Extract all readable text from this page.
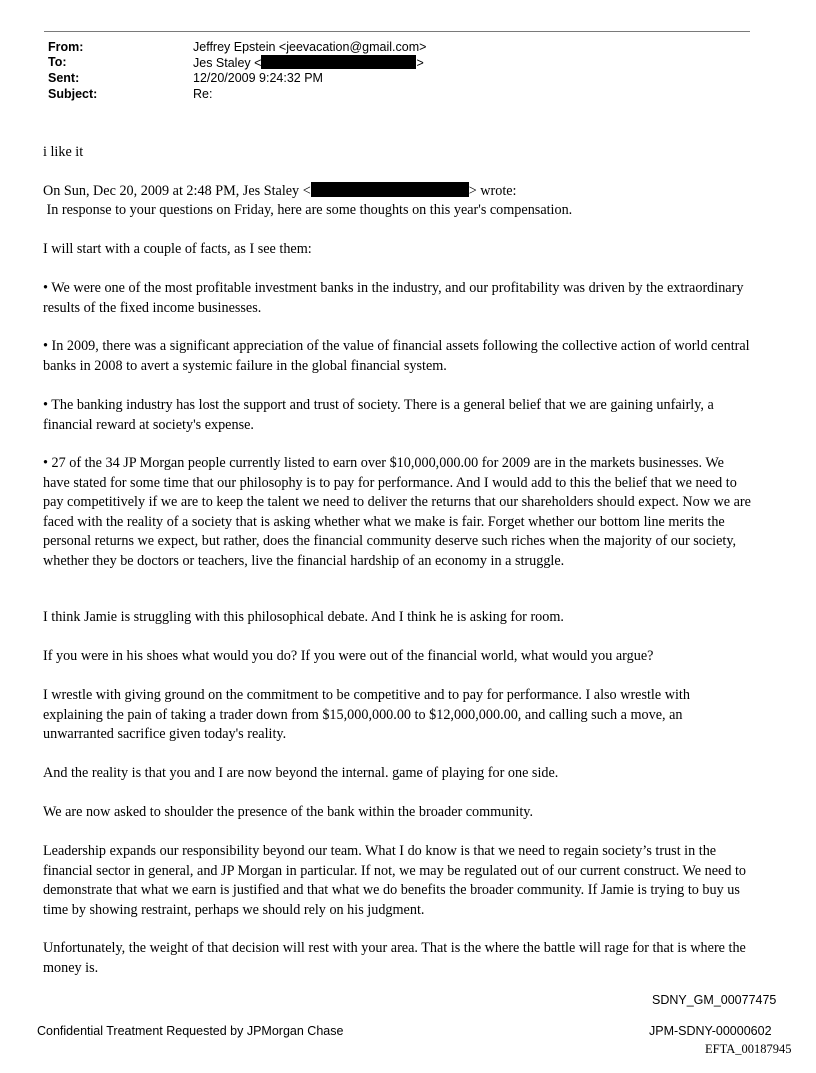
From:	Jeffrey Epstein <jeevacation@gmail.com>
To:	Jes Staley <	>
Sent:	12/20/2009 9:24:32 PM
Subject:	Re:

i like it

On Sun, Dec 20, 2009 at 2:48 PM, Jes Staley <	> wrote:

In response to your questions on Friday, here are some thoughts on this year's compensation.

I will start with a couple of facts, as I see them:

• We were one of the most profitable investment banks in the industry, and our profitability was driven by the extraordinary results of the fixed income businesses.

• In 2009, there was a significant appreciation of the value of financial assets following the collective action of world central banks in 2008 to avert a systemic failure in the global financial system.

• The banking industry has lost the support and trust of society. There is a general belief that we are gaining unfairly, a financial reward at society's expense.

• 27 of the 34 JP Morgan people currently listed to earn over $10,000,000.00 for 2009 are in the markets businesses. We have stated for some time that our philosophy is to pay for performance. And I would add to this the belief that we need to pay competitively if we are to keep the talent we need to deliver the returns that our shareholders should expect. Now we are faced with the reality of a society that is asking whether what we make is fair. Forget whether our bottom line merits the personal returns we expect, but rather, does the financial community deserve such riches when the majority of our society, whether they be doctors or teachers, live the financial hardship of an economy in a struggle.

I think Jamie is struggling with this philosophical debate. And I think he is asking for room.

If you were in his shoes what would you do? If you were out of the financial world, what would you argue?

I wrestle with giving ground on the commitment to be competitive and to pay for performance. I also wrestle with explaining the pain of taking a trader down from $15,000,000.00 to $12,000,000.00, and calling such a move, an unwarranted sacrifice given today's reality.

And the reality is that you and I are now beyond the internal. game of playing for one side.

We are now asked to shoulder the presence of the bank within the broader community.

Leadership expands our responsibility beyond our team. What I do know is that we need to regain society’s trust in the financial sector in general, and JP Morgan in particular. If not, we may be regulated out of our current construct. We need to demonstrate that what we earn is justified and that what we do benefits the broader community. If Jamie is trying to buy us time by showing restraint, perhaps we should rely on his judgment.

Unfortunately, the weight of that decision will rest with your area. That is the where the battle will rage for that is where the money is.

SDNY_GM_00077475
Confidential Treatment Requested by JPMorgan Chase	JPM-SDNY-00000602
EFTA_00187945
